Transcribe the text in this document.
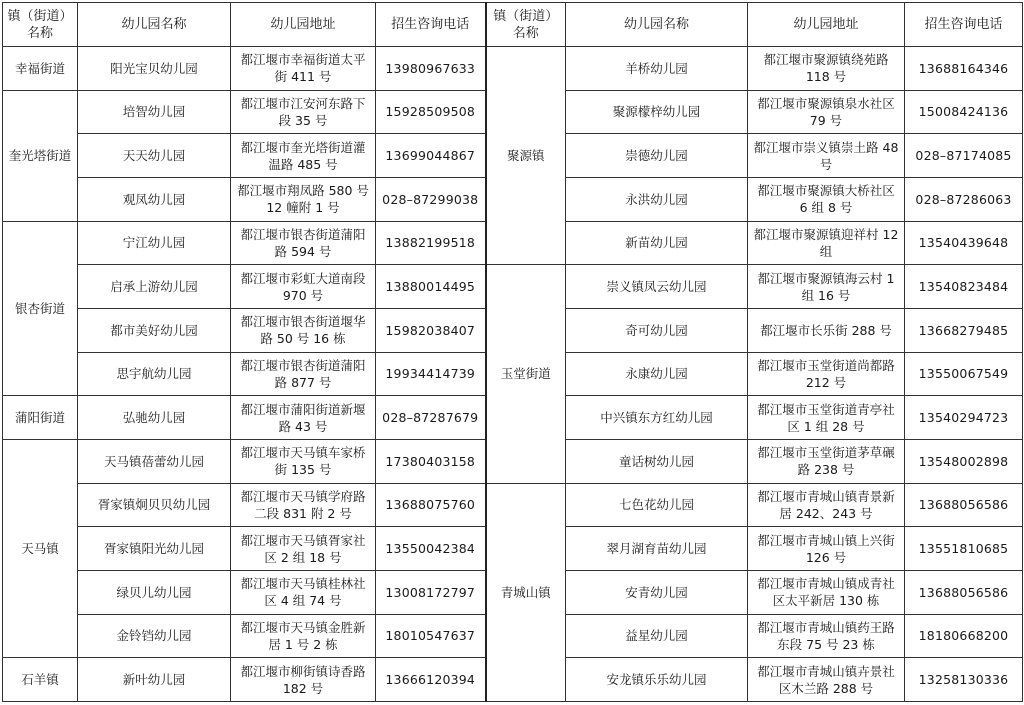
镇（街道）名称	幼儿园名称	幼儿园地址	招生咨询电话	镇（街道）名称	幼儿园名称	幼儿园地址	招生咨询电话
幸福街道	阳光宝贝幼儿园	都江堰市幸福街道太平街 411 号	13980967633	聚源镇	羊桥幼儿园	都江堰市聚源镇绕苑路 118 号	13688164346
奎光塔街道	培智幼儿园	都江堰市江安河东路下段 35 号	15928509508		聚源檬梓幼儿园	都江堰市聚源镇泉水社区 79 号	15008424136
	天天幼儿园	都江堰市奎光塔街道灌温路 485 号	13699044867		崇德幼儿园	都江堰市崇义镇崇土路 48 号	028–87174085
	观凤幼儿园	都江堰市翔凤路 580 号 12 幢附 1 号	028–87299038		永洪幼儿园	都江堰市聚源镇大桥社区 6 组 8 号	028–87286063
银杏街道	宁江幼儿园	都江堰市银杏街道蒲阳路 594 号	13882199518		新苗幼儿园	都江堰市聚源镇迎祥村 12 组	13540439648
	启承上游幼儿园	都江堰市彩虹大道南段 970 号	13880014495	玉堂街道	崇义镇凤云幼儿园	都江堰市聚源镇海云村 1 组 16 号	13540823484
	都市美好幼儿园	都江堰市银杏街道堰华路 50 号 16 栋	15982038407		奇可幼儿园	都江堰市长乐街 288 号	13668279485
	思宇航幼儿园	都江堰市银杏街道蒲阳路 877 号	19934414739		永康幼儿园	都江堰市玉堂街道尚都路 212 号	13550067549
蒲阳街道	弘驰幼儿园	都江堰市蒲阳街道新堰路 43 号	028–87287679		中兴镇东方红幼儿园	都江堰市玉堂街道青亭社区 1 组 28 号	13540294723
天马镇	天马镇蓓蕾幼儿园	都江堰市天马镇车家桥街 135 号	17380403158		童话树幼儿园	都江堰市玉堂街道茅草碾路 238 号	13548002898
	胥家镇炯贝贝幼儿园	都江堰市天马镇学府路二段 831 附 2 号	13688075760	青城山镇	七色花幼儿园	都江堰市青城山镇青景新居 242、243 号	13688056586
	胥家镇阳光幼儿园	都江堰市天马镇胥家社区 2 组 18 号	13550042384		翠月湖育苗幼儿园	都江堰市青城山镇上兴街 126 号	13551810685
	绿贝儿幼儿园	都江堰市天马镇桂林社区 4 组 74 号	13008172797		安青幼儿园	都江堰市青城山镇成青社区太平新居 130 栋	13688056586
	金铃铛幼儿园	都江堰市天马镇金胜新居 1 号 2 栋	18010547637		益星幼儿园	都江堰市青城山镇药王路东段 75 号 23 栋	18180668200
石羊镇	新叶幼儿园	都江堰市柳街镇诗香路 182 号	13666120394		安龙镇乐乐幼儿园	都江堰市青城山镇卉景社区木兰路 288 号	13258130336
